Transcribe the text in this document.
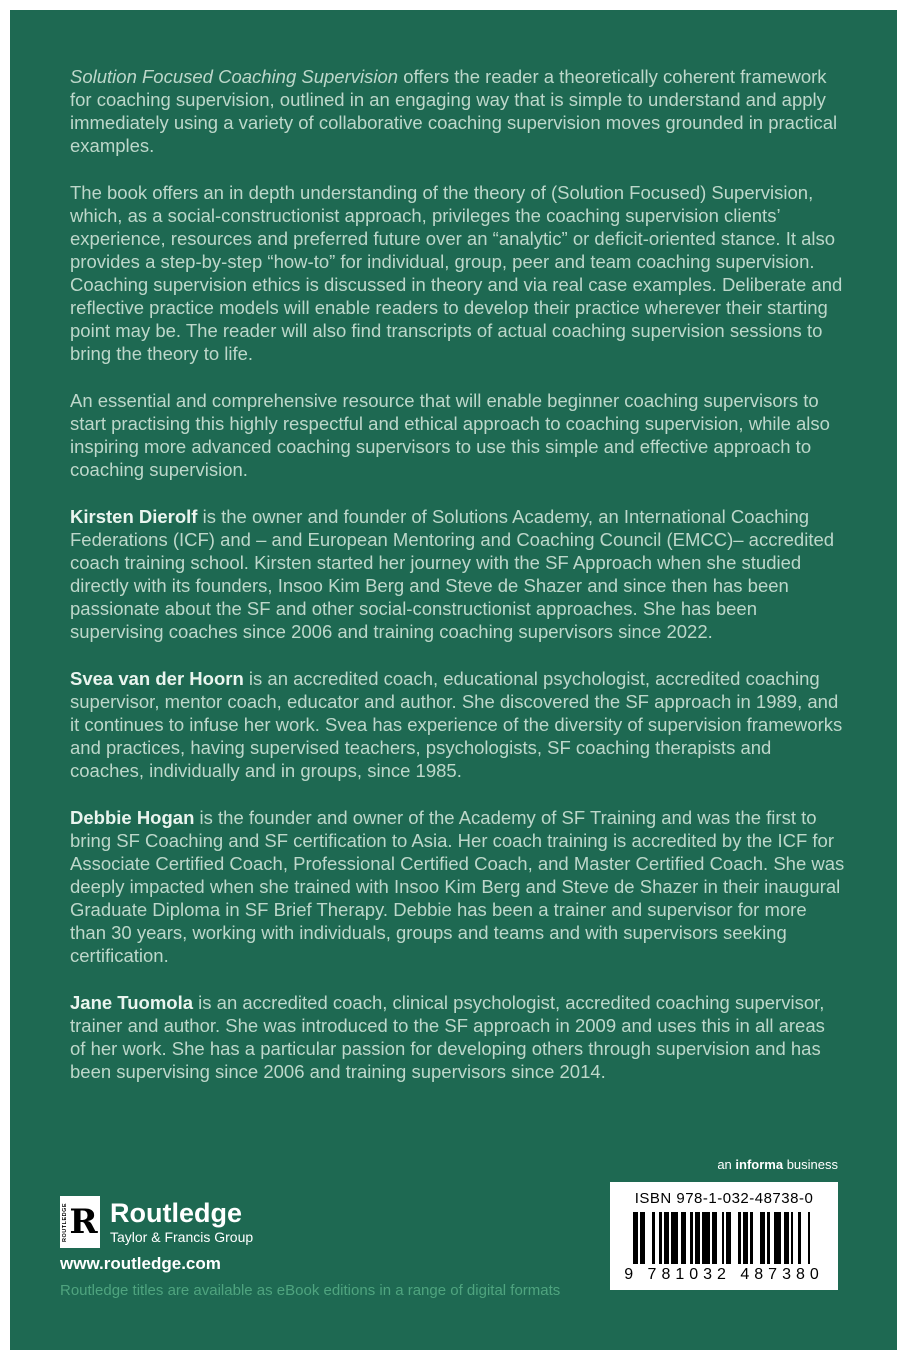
Solution Focused Coaching Supervision offers the reader a theoretically coherent framework for coaching supervision, outlined in an engaging way that is simple to understand and apply immediately using a variety of collaborative coaching supervision moves grounded in practical examples.

The book offers an in depth understanding of the theory of (Solution Focused) Supervision, which, as a social-constructionist approach, privileges the coaching supervision clients’ experience, resources and preferred future over an “analytic” or deficit-oriented stance. It also provides a step-by-step “how-to” for individual, group, peer and team coaching supervision. Coaching supervision ethics is discussed in theory and via real case examples. Deliberate and reflective practice models will enable readers to develop their practice wherever their starting point may be. The reader will also find transcripts of actual coaching supervision sessions to bring the theory to life.

An essential and comprehensive resource that will enable beginner coaching supervisors to start practising this highly respectful and ethical approach to coaching supervision, while also inspiring more advanced coaching supervisors to use this simple and effective approach to coaching supervision.

Kirsten Dierolf is the owner and founder of Solutions Academy, an International Coaching Federations (ICF) and – and European Mentoring and Coaching Council (EMCC)– accredited coach training school. Kirsten started her journey with the SF Approach when she studied directly with its founders, Insoo Kim Berg and Steve de Shazer and since then has been passionate about the SF and other social-constructionist approaches. She has been supervising coaches since 2006 and training coaching supervisors since 2022.

Svea van der Hoorn is an accredited coach, educational psychologist, accredited coaching supervisor, mentor coach, educator and author. She discovered the SF approach in 1989, and it continues to infuse her work. Svea has experience of the diversity of supervision frameworks and practices, having supervised teachers, psychologists, SF coaching therapists and coaches, individually and in groups, since 1985.

Debbie Hogan is the founder and owner of the Academy of SF Training and was the first to bring SF Coaching and SF certification to Asia. Her coach training is accredited by the ICF for Associate Certified Coach, Professional Certified Coach, and Master Certified Coach. She was deeply impacted when she trained with Insoo Kim Berg and Steve de Shazer in their inaugural Graduate Diploma in SF Brief Therapy. Debbie has been a trainer and supervisor for more than 30 years, working with individuals, groups and teams and with supervisors seeking certification.

Jane Tuomola is an accredited coach, clinical psychologist, accredited coaching supervisor, trainer and author. She was introduced to the SF approach in 2009 and uses this in all areas of her work. She has a particular passion for developing others through supervision and has been supervising since 2006 and training supervisors since 2014.

an informa business
ISBN 978-1-032-48738-0
9 781032 487380
ROUTLEDGE R Routledge
Taylor & Francis Group
www.routledge.com
Routledge titles are available as eBook editions in a range of digital formats
